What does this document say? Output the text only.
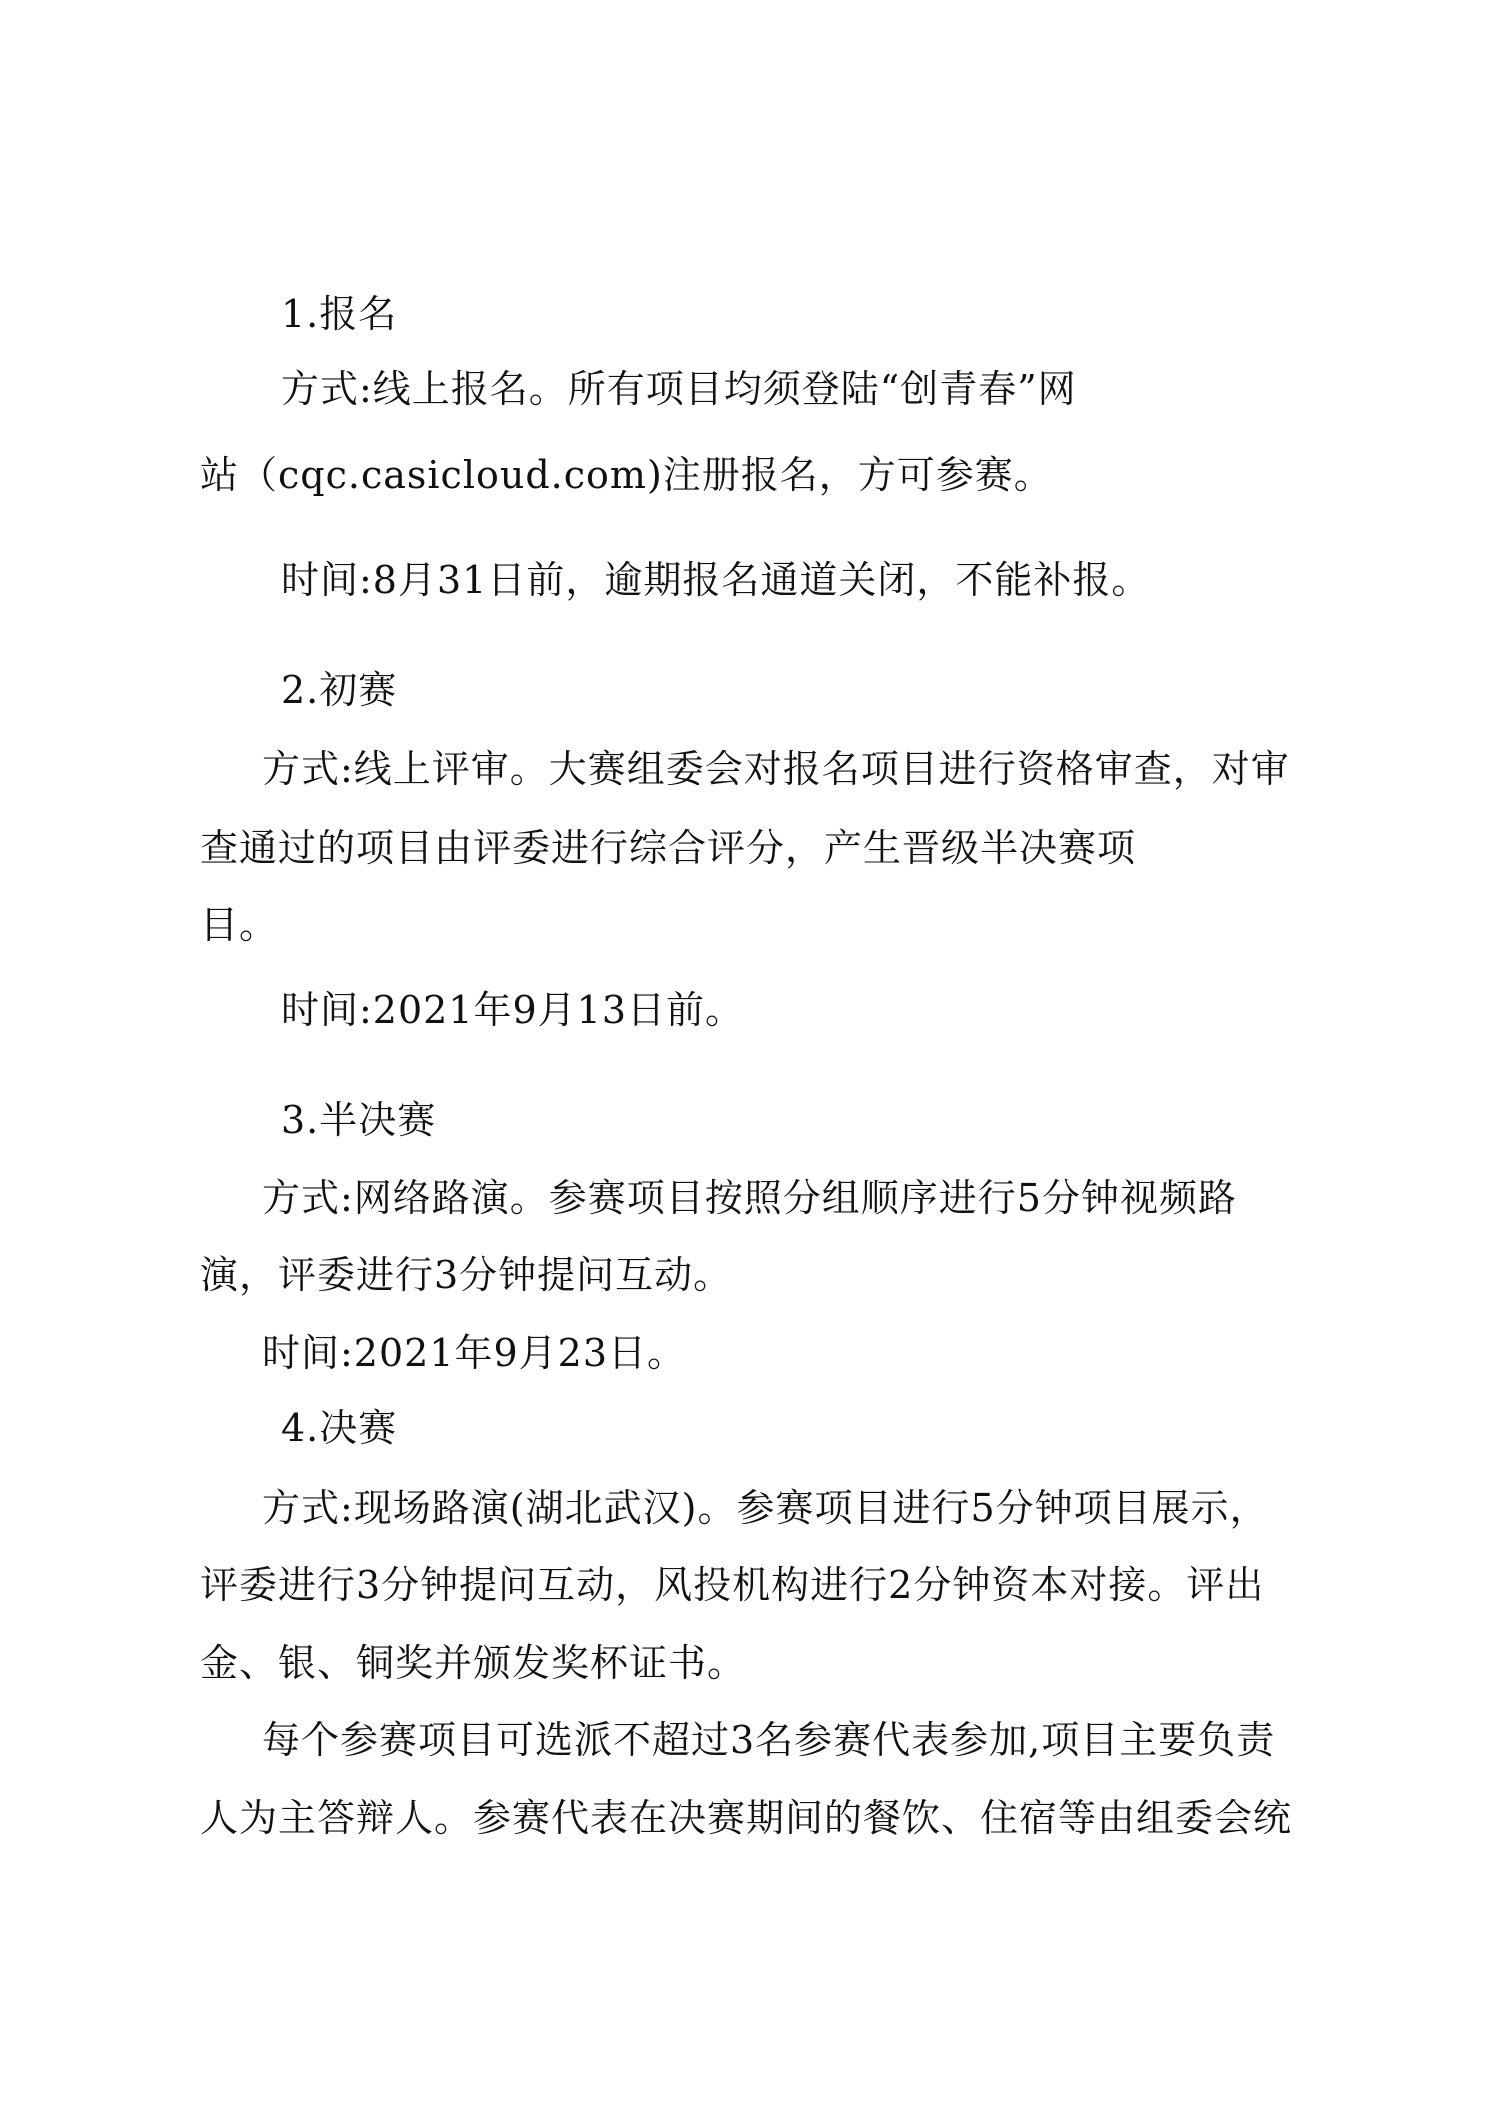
1.报名
方式:线上报名。所有项目均须登陆“创青春”网
站（cqc.casicloud.com)注册报名，方可参赛。
时间:8月31日前，逾期报名通道关闭，不能补报。
2.初赛
方式:线上评审。大赛组委会对报名项目进行资格审查，对审
查通过的项目由评委进行综合评分，产生晋级半决赛项
目。
时间:2021年9月13日前。
3.半决赛
方式:网络路演。参赛项目按照分组顺序进行5分钟视频路
演，评委进行3分钟提问互动。
时间:2021年9月23日。
4.决赛
方式:现场路演(湖北武汉)。参赛项目进行5分钟项目展示，
评委进行3分钟提问互动，风投机构进行2分钟资本对接。评出
金、银、铜奖并颁发奖杯证书。
每个参赛项目可选派不超过3名参赛代表参加,项目主要负责
人为主答辩人。参赛代表在决赛期间的餐饮、住宿等由组委会统
